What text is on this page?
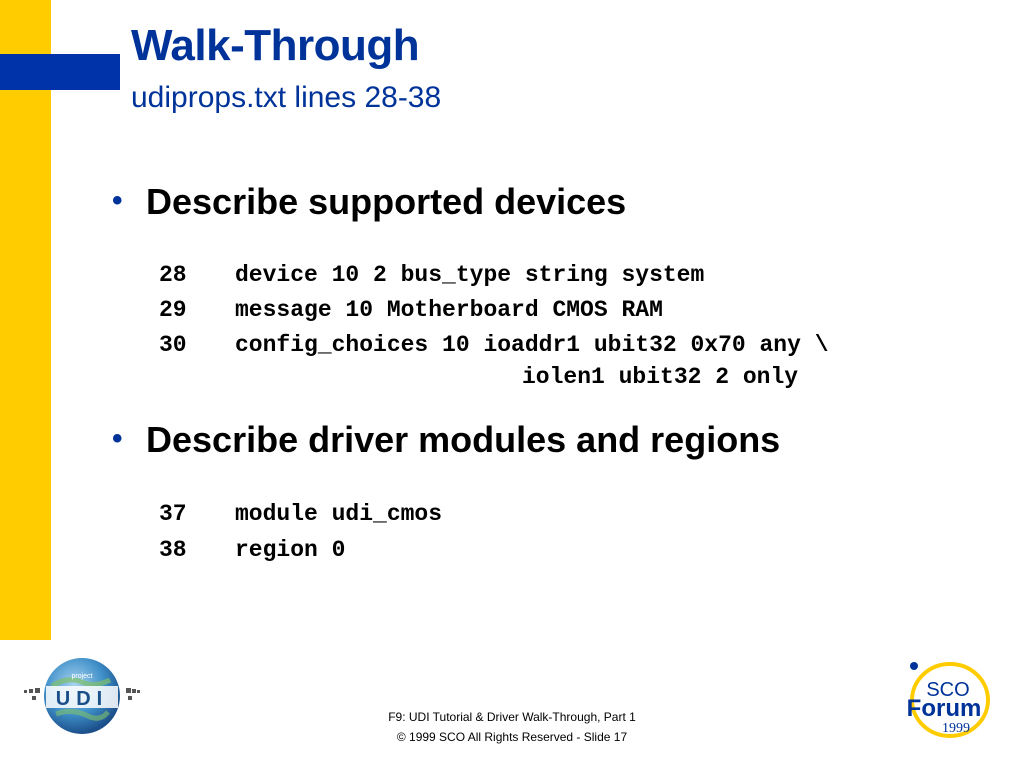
Walk-Through
udiprops.txt lines 28-38
• Describe supported devices
28 device 10 2 bus_type string system
29 message 10 Motherboard CMOS RAM
30 config_choices 10 ioaddr1 ubit32 0x70 any \
iolen1 ubit32 2 only
• Describe driver modules and regions
37 module udi_cmos
38 region 0
project
UDI	SCO
Forum
1999
F9: UDI Tutorial & Driver Walk-Through, Part 1
© 1999 SCO All Rights Reserved - Slide 17
